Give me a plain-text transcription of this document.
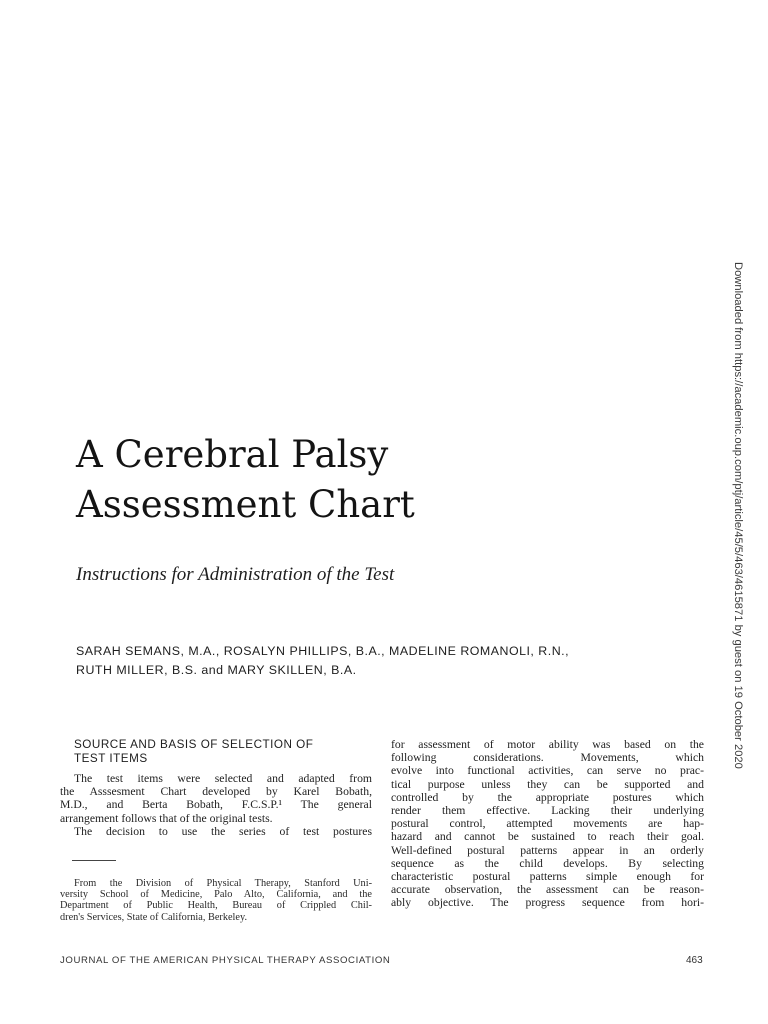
A Cerebral Palsy
Assessment Chart
Instructions for Administration of the Test
SARAH SEMANS, M.A., ROSALYN PHILLIPS, B.A., MADELINE ROMANOLI, R.N.,
RUTH MILLER, B.S. and MARY SKILLEN, B.A.
SOURCE AND BASIS OF SELECTION OF
TEST ITEMS
The test items were selected and adapted from
the Asssesment Chart developed by Karel Bobath,
M.D., and Berta Bobath, F.C.S.P.¹ The general
arrangement follows that of the original tests.
The decision to use the series of test postures
From the Division of Physical Therapy, Stanford Uni-
versity School of Medicine, Palo Alto, California, and the
Department of Public Health, Bureau of Crippled Chil-
dren's Services, State of California, Berkeley.
for assessment of motor ability was based on the
following considerations. Movements, which
evolve into functional activities, can serve no prac-
tical purpose unless they can be supported and
controlled by the appropriate postures which
render them effective. Lacking their underlying
postural control, attempted movements are hap-
hazard and cannot be sustained to reach their goal.
Well-defined postural patterns appear in an orderly
sequence as the child develops. By selecting
characteristic postural patterns simple enough for
accurate observation, the assessment can be reason-
ably objective. The progress sequence from hori-
JOURNAL OF THE AMERICAN PHYSICAL THERAPY ASSOCIATION	463
Downloaded from https://academic.oup.com/ptj/article/45/5/463/4615871 by guest on 19 October 2020
